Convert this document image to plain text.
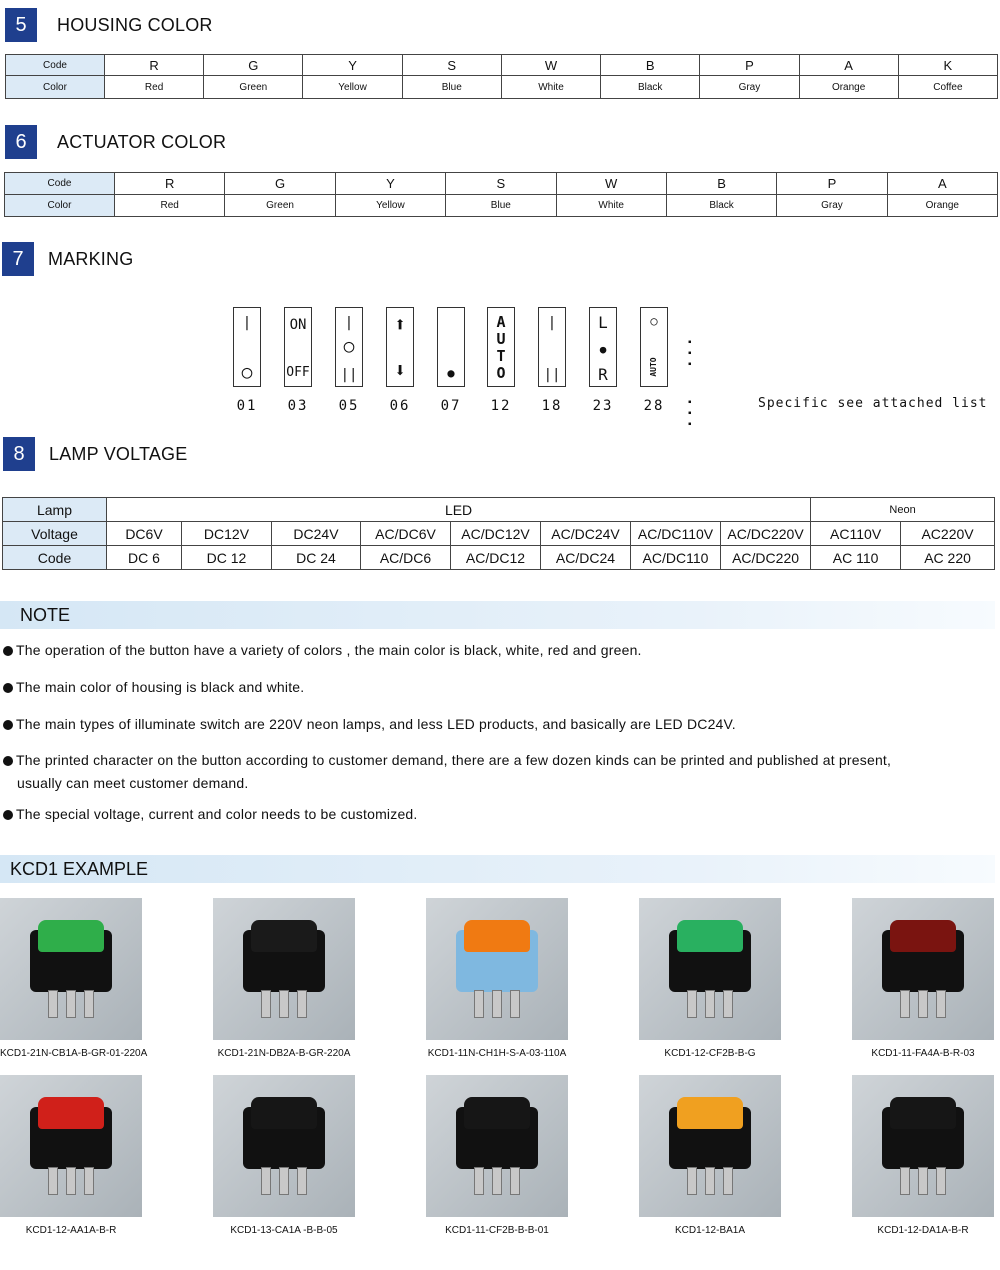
5	HOUSING COLOR
Code	R	G	Y	S	W	B	P	A	K
Color	Red	Green	Yellow	Blue	White	Black	Gray	Orange	Coffee
6	ACTUATOR COLOR
Code	R	G	Y	S	W	B	P	A
Color	Red	Green	Yellow	Blue	White	Black	Gray	Orange
7	MARKING
|
○
ON
OFF
|
○
||
⬆
⬇	●
A
U
T
O
|
||
L
●
R
○
AUTO
▪ ▪ ▪
01	03	05	06	07	12	18	23	28	▪ ▪ ▪
Specific see attached list
8	LAMP VOLTAGE
Lamp	LED								Neon	
Voltage	DC6V	DC12V	DC24V	AC/DC6V	AC/DC12V	AC/DC24V	AC/DC110V	AC/DC220V	AC110V	AC220V
Code	DC 6	DC 12	DC 24	AC/DC6	AC/DC12	AC/DC24	AC/DC110	AC/DC220	AC 110	AC 220
NOTE
The operation of the button have a variety of colors , the main color is black, white, red and green.
The main color of housing is black and white.
The main types of illuminate switch are 220V neon lamps, and less LED products, and basically are LED DC24V.
The printed character on the button according to customer demand, there are a few dozen kinds can be printed and published at present,
usually can meet customer demand.
The special voltage, current and color needs to be customized.
KCD1 EXAMPLE
KCD1-21N-CB1A-B-GR-01-220A	KCD1-21N-DB2A-B-GR-220A	KCD1-11N-CH1H-S-A-03-110A	KCD1-12-CF2B-B-G	KCD1-11-FA4A-B-R-03
KCD1-12-AA1A-B-R	KCD1-13-CA1A -B-B-05	KCD1-11-CF2B-B-B-01	KCD1-12-BA1A	KCD1-12-DA1A-B-R
